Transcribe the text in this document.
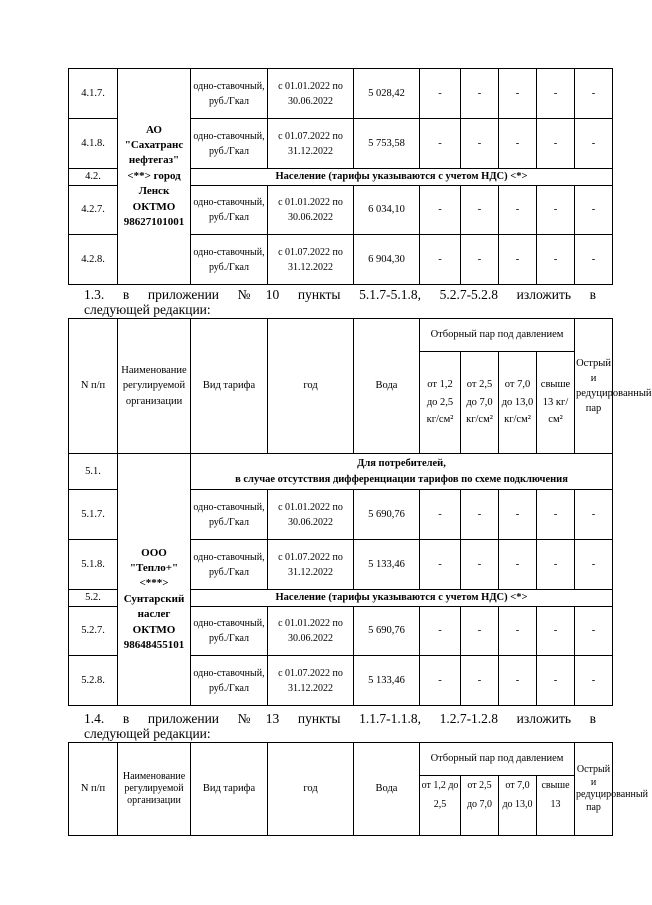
4.1.7.	АО "Сахатранс нефтегаз" <**> город Ленск ОКТМО 98627101001	одно-ставочный, руб./Гкал	с 01.01.2022 по 30.06.2022	5 028,42	-	-	-	-	-
4.1.8.		одно-ставочный, руб./Гкал	с 01.07.2022 по 31.12.2022	5 753,58	-	-	-	-	-
4.2.		Население (тарифы указываются с учетом НДС) <*>							
4.2.7.		одно-ставочный, руб./Гкал	с 01.01.2022 по 30.06.2022	6 034,10	-	-	-	-	-
4.2.8.		одно-ставочный, руб./Гкал	с 01.07.2022 по 31.12.2022	6 904,30	-	-	-	-	-
1.3. в приложении №10 пункты 5.1.7-5.1.8, 5.2.7-5.2.8 изложить в
следующей редакции:
N п/п	Наименование регулируемой организации	Вид тарифа	год	Вода	Отборный пар под давлением				Острый и редуцированный пар
					от 1,2 до 2,5 кг/см²	от 2,5 до 7,0 кг/см²	от 7,0 до 13,0 кг/см²	свыше 13 кг/см²	
5.1.	ООО "Тепло+" <***> Сунтарский наслег ОКТМО 98648455101	Для потребителей,
в случае отсутствия дифференциации тарифов по схеме подключения							

5.1.7.		одно-ставочный, руб./Гкал	с 01.01.2022 по 30.06.2022	5 690,76	-	-	-	-	-
5.1.8.		одно-ставочный, руб./Гкал	с 01.07.2022 по 31.12.2022	5 133,46	-	-	-	-	-
5.2.		Население (тарифы указываются с учетом НДС) <*>							
5.2.7.		одно-ставочный, руб./Гкал	с 01.01.2022 по 30.06.2022	5 690,76	-	-	-	-	-
5.2.8.		одно-ставочный, руб./Гкал	с 01.07.2022 по 31.12.2022	5 133,46	-	-	-	-	-
1.4. в приложении №13 пункты 1.1.7-1.1.8, 1.2.7-1.2.8 изложить в
следующей редакции:
N п/п	Наименование регулируемой организации	Вид тарифа	год	Вода	Отборный пар под давлением				Острый и редуцированный пар
					от 1,2 до 2,5	от 2,5 до 7,0	от 7,0 до 13,0	свыше 13	
